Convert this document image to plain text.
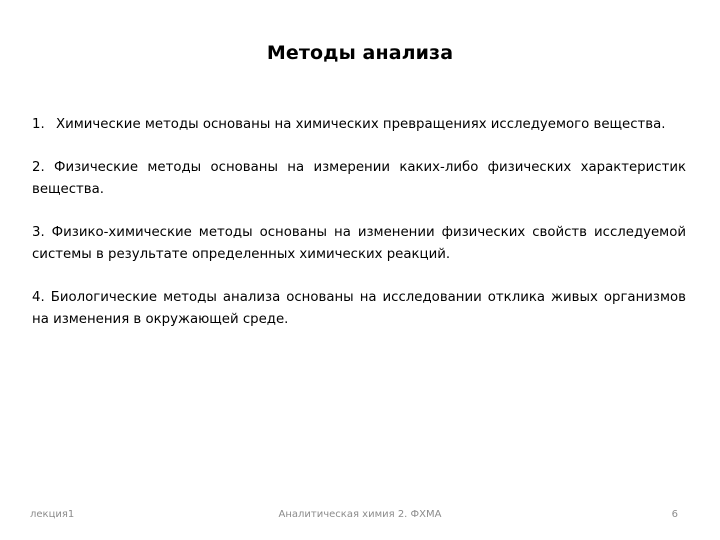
Методы анализа
1. Химические методы основаны на химических превращениях исследуемого вещества.

2. Физические методы основаны на измерении каких-либо физических характеристик вещества.

3. Физико-химические методы основаны на изменении физических свойств исследуемой системы в результате определенных химических реакций.

4. Биологические методы анализа основаны на исследовании отклика живых организмов на изменения в окружающей среде.

лекция1	Аналитическая химия 2. ФХМА	6
